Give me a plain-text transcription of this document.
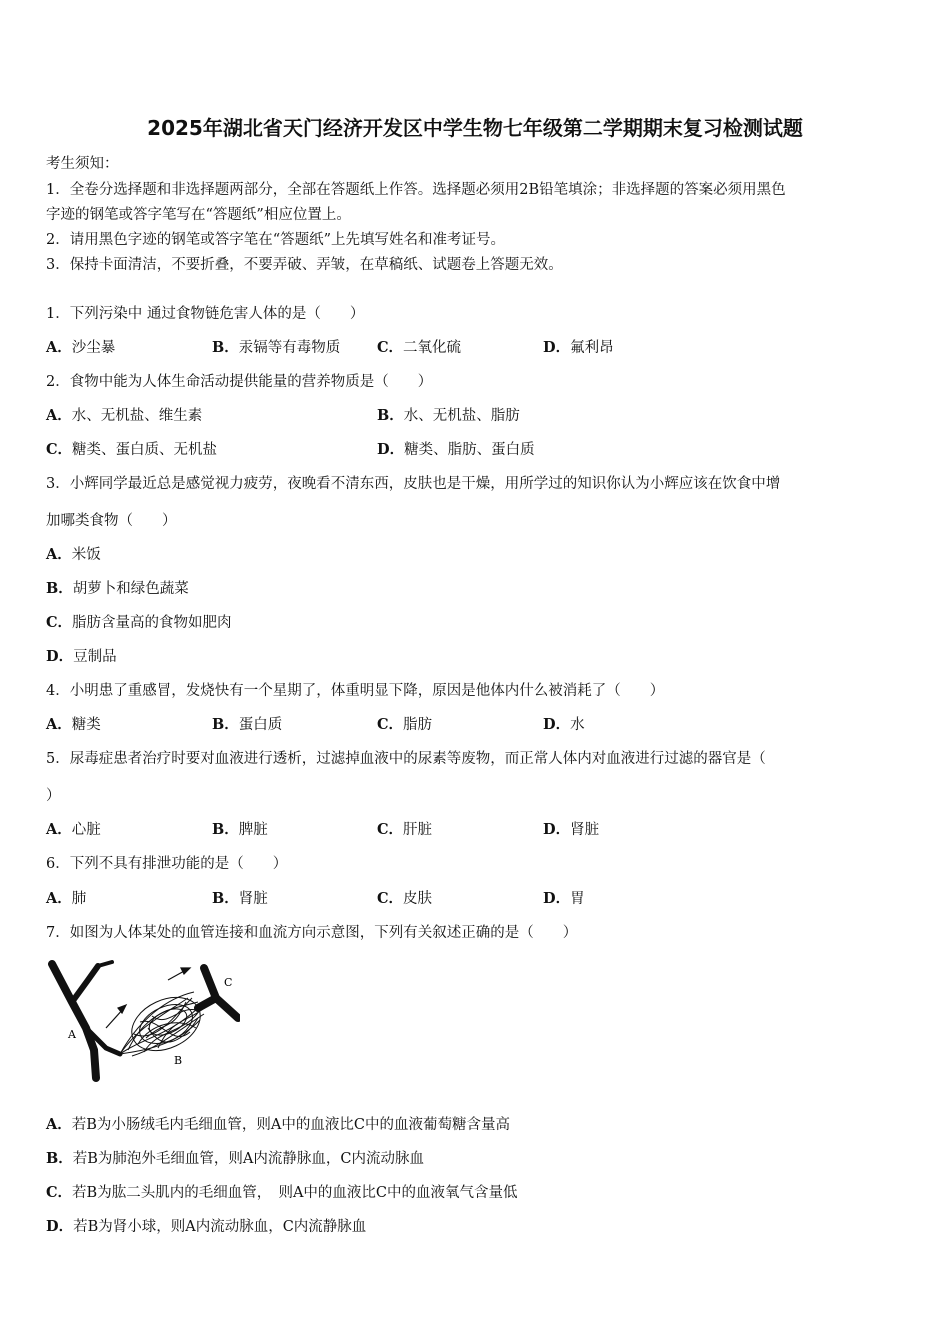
2025年湖北省天门经济开发区中学生物七年级第二学期期末复习检测试题
考生须知：
1．全卷分选择题和非选择题两部分，全部在答题纸上作答。选择题必须用2B铅笔填涂；非选择题的答案必须用黑色
字迹的钢笔或答字笔写在“答题纸”相应位置上。
2．请用黑色字迹的钢笔或答字笔在“答题纸”上先填写姓名和准考证号。
3．保持卡面清洁，不要折叠，不要弄破、弄皱，在草稿纸、试题卷上答题无效。
1．下列污染中 通过食物链危害人体的是（　　）
A．沙尘暴	B．汞镉等有毒物质	C．二氧化硫	D．氟利昂
2．食物中能为人体生命活动提供能量的营养物质是（　　）
A．水、无机盐、维生素	B．水、无机盐、脂肪
C．糖类、蛋白质、无机盐	D．糖类、脂肪、蛋白质
3．小辉同学最近总是感觉视力疲劳，夜晚看不清东西，皮肤也是干燥，用所学过的知识你认为小辉应该在饮食中增
加哪类食物（　　）
A．米饭
B．胡萝卜和绿色蔬菜
C．脂肪含量高的食物如肥肉
D．豆制品
4．小明患了重感冒，发烧快有一个星期了，体重明显下降，原因是他体内什么被消耗了（　　）
A．糖类	B．蛋白质	C．脂肪	D．水
5．尿毒症患者治疗时要对血液进行透析，过滤掉血液中的尿素等废物，而正常人体内对血液进行过滤的器官是（
）
A．心脏	B．脾脏	C．肝脏	D．肾脏
6．下列不具有排泄功能的是（　　）
A．肺	B．肾脏	C．皮肤	D．胃
7．如图为人体某处的血管连接和血流方向示意图，下列有关叙述正确的是（　　）
A
B
C
A．若B为小肠绒毛内毛细血管，则A中的血液比C中的血液葡萄糖含量高
B．若B为肺泡外毛细血管，则A内流静脉血，C内流动脉血
C．若B为肱二头肌内的毛细血管，　则A中的血液比C中的血液氧气含量低
D．若B为肾小球，则A内流动脉血，C内流静脉血
